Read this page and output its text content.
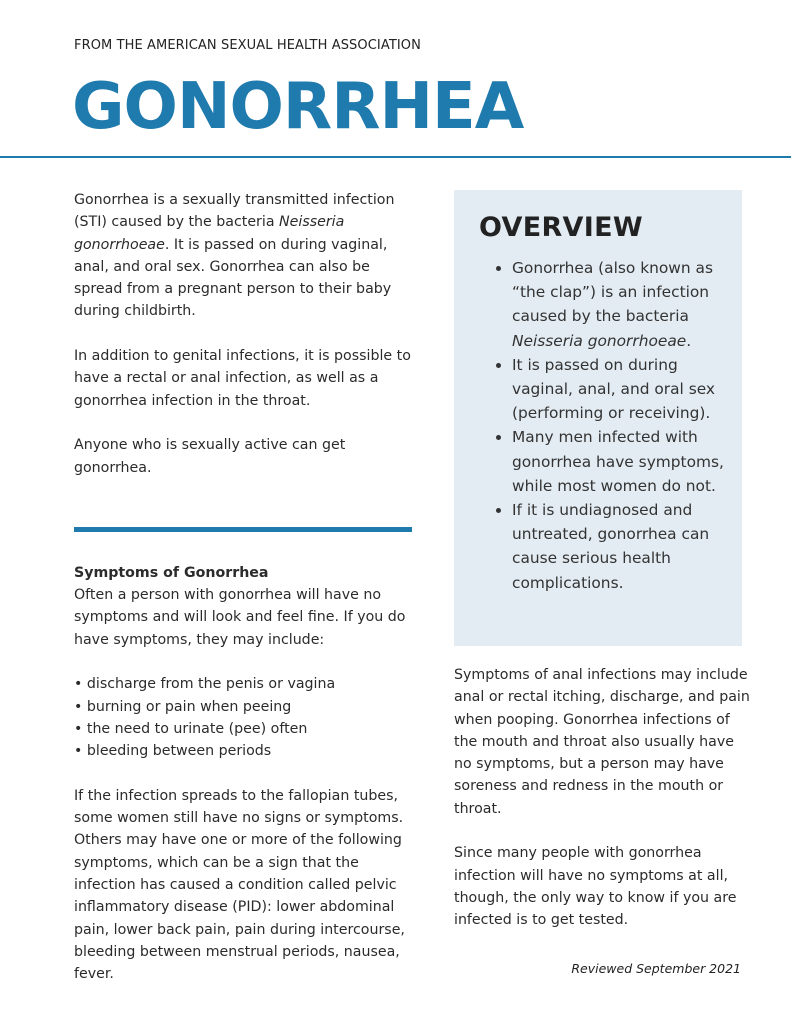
FROM THE AMERICAN SEXUAL HEALTH ASSOCIATION
GONORRHEA

Gonorrhea is a sexually transmitted infection (STI) caused by the bacteria Neisseria gonorrhoeae. It is passed on during vaginal, anal, and oral sex. Gonorrhea can also be spread from a pregnant person to their baby during childbirth.

In addition to genital infections, it is possible to have a rectal or anal infection, as well as a gonorrhea infection in the throat.

Anyone who is sexually active can get gonorrhea.

Symptoms of Gonorrhea

Often a person with gonorrhea will have no symptoms and will look and feel fine. If you do have symptoms, they may include:

• discharge from the penis or vagina

• burning or pain when peeing

• the need to urinate (pee) often

• bleeding between periods

If the infection spreads to the fallopian tubes, some women still have no signs or symptoms. Others may have one or more of the following symptoms, which can be a sign that the infection has caused a condition called pelvic inflammatory disease (PID): lower abdominal pain, lower back pain, pain during intercourse, bleeding between menstrual periods, nausea, fever.

OVERVIEW
• Gonorrhea (also known as “the clap”) is an infection caused by the bacteria Neisseria gonorrhoeae.
• It is passed on during vaginal, anal, and oral sex (performing or receiving).
• Many men infected with gonorrhea have symptoms, while most women do not.
• If it is undiagnosed and untreated, gonorrhea can cause serious health complications.

Symptoms of anal infections may include anal or rectal itching, discharge, and pain when pooping. Gonorrhea infections of the mouth and throat also usually have no symptoms, but a person may have soreness and redness in the mouth or throat.

Since many people with gonorrhea infection will have no symptoms at all, though, the only way to know if you are infected is to get tested.

Reviewed September 2021
